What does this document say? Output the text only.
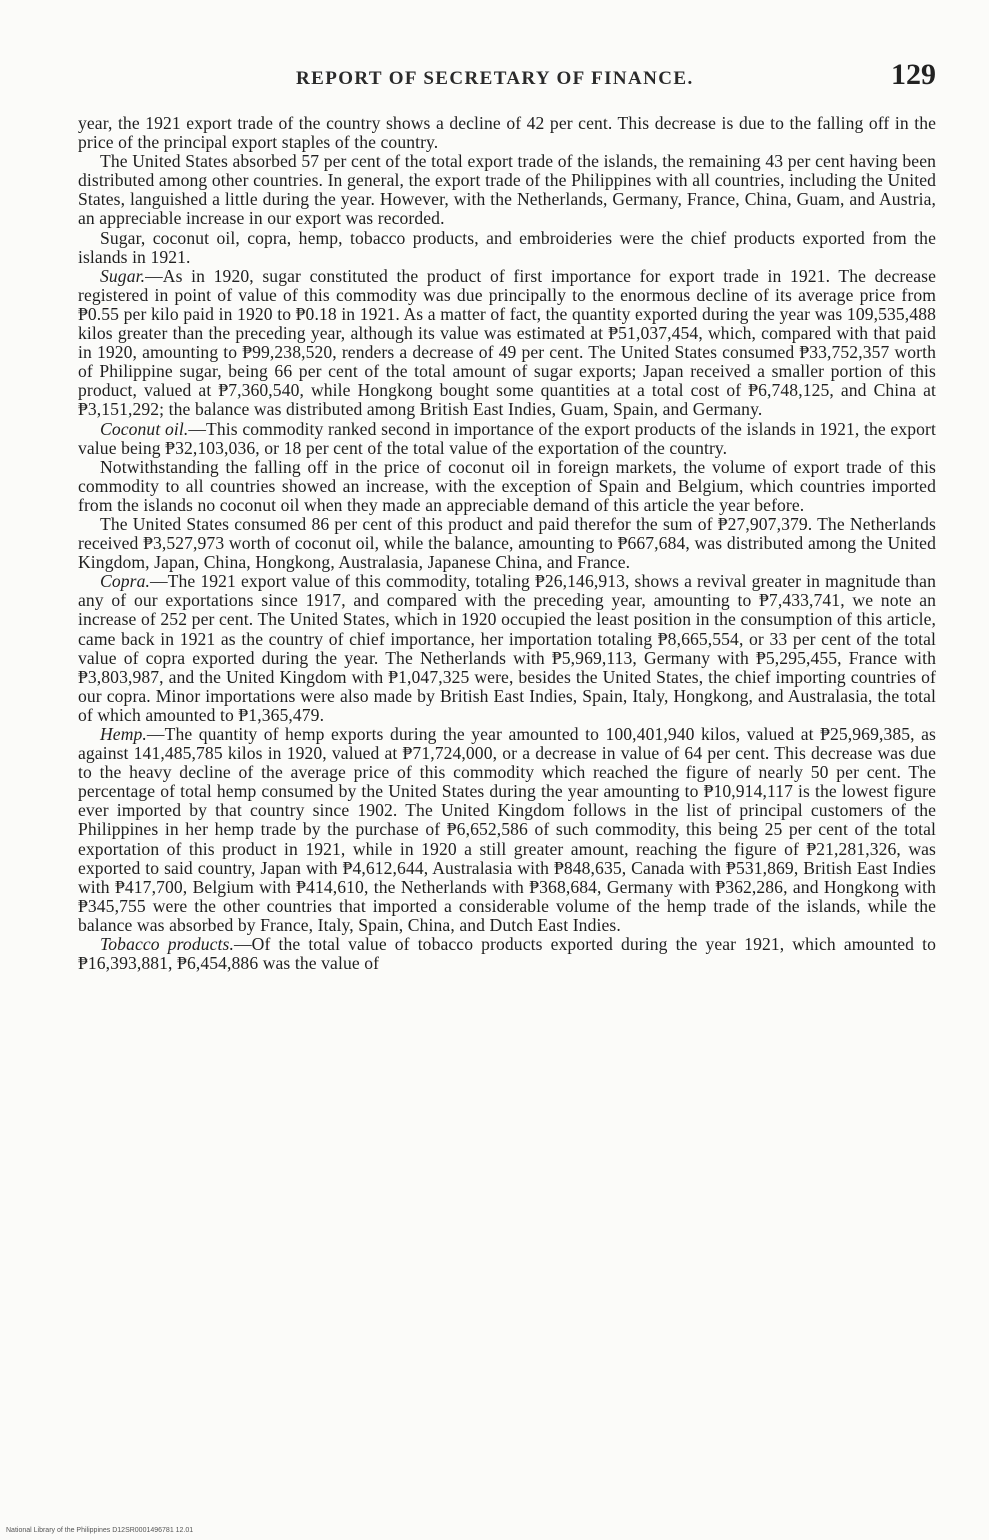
REPORT OF SECRETARY OF FINANCE.	129

year, the 1921 export trade of the country shows a decline of 42 per cent. This decrease is due to the falling off in the price of the principal export staples of the country.

The United States absorbed 57 per cent of the total export trade of the islands, the remaining 43 per cent having been distributed among other countries. In general, the export trade of the Philippines with all countries, including the United States, languished a little during the year. However, with the Netherlands, Germany, France, China, Guam, and Austria, an appreciable increase in our export was recorded.

Sugar, coconut oil, copra, hemp, tobacco products, and embroideries were the chief products exported from the islands in 1921.

Sugar.—As in 1920, sugar constituted the product of first importance for export trade in 1921. The decrease registered in point of value of this commodity was due principally to the enormous decline of its average price from ₱0.55 per kilo paid in 1920 to ₱0.18 in 1921. As a matter of fact, the quantity exported during the year was 109,535,488 kilos greater than the preceding year, although its value was estimated at ₱51,037,454, which, compared with that paid in 1920, amounting to ₱99,238,520, renders a decrease of 49 per cent. The United States consumed ₱33,752,357 worth of Philippine sugar, being 66 per cent of the total amount of sugar exports; Japan received a smaller portion of this product, valued at ₱7,360,540, while Hongkong bought some quantities at a total cost of ₱6,748,125, and China at ₱3,151,292; the balance was distributed among British East Indies, Guam, Spain, and Germany.

Coconut oil.—This commodity ranked second in importance of the export products of the islands in 1921, the export value being ₱32,103,036, or 18 per cent of the total value of the exportation of the country.

Notwithstanding the falling off in the price of coconut oil in foreign markets, the volume of export trade of this commodity to all countries showed an increase, with the exception of Spain and Belgium, which countries imported from the islands no coconut oil when they made an appreciable demand of this article the year before.

The United States consumed 86 per cent of this product and paid therefor the sum of ₱27,907,379. The Netherlands received ₱3,527,973 worth of coconut oil, while the balance, amounting to ₱667,684, was distributed among the United Kingdom, Japan, China, Hongkong, Australasia, Japanese China, and France.

Copra.—The 1921 export value of this commodity, totaling ₱26,146,913, shows a revival greater in magnitude than any of our exportations since 1917, and compared with the preceding year, amounting to ₱7,433,741, we note an increase of 252 per cent. The United States, which in 1920 occupied the least position in the consumption of this article, came back in 1921 as the country of chief importance, her importation totaling ₱8,665,554, or 33 per cent of the total value of copra exported during the year. The Netherlands with ₱5,969,113, Germany with ₱5,295,455, France with ₱3,803,987, and the United Kingdom with ₱1,047,325 were, besides the United States, the chief importing countries of our copra. Minor importations were also made by British East Indies, Spain, Italy, Hongkong, and Australasia, the total of which amounted to ₱1,365,479.

Hemp.—The quantity of hemp exports during the year amounted to 100,401,940 kilos, valued at ₱25,969,385, as against 141,485,785 kilos in 1920, valued at ₱71,724,000, or a decrease in value of 64 per cent. This decrease was due to the heavy decline of the average price of this commodity which reached the figure of nearly 50 per cent. The percentage of total hemp consumed by the United States during the year amounting to ₱10,914,117 is the lowest figure ever imported by that country since 1902. The United Kingdom follows in the list of principal customers of the Philippines in her hemp trade by the purchase of ₱6,652,586 of such commodity, this being 25 per cent of the total exportation of this product in 1921, while in 1920 a still greater amount, reaching the figure of ₱21,281,326, was exported to said country, Japan with ₱4,612,644, Australasia with ₱848,635, Canada with ₱531,869, British East Indies with ₱417,700, Belgium with ₱414,610, the Netherlands with ₱368,684, Germany with ₱362,286, and Hongkong with ₱345,755 were the other countries that imported a considerable volume of the hemp trade of the islands, while the balance was absorbed by France, Italy, Spain, China, and Dutch East Indies.

Tobacco products.—Of the total value of tobacco products exported during the year 1921, which amounted to ₱16,393,881, ₱6,454,886 was the value of

National Library of the Philippines D12SR0001496781 12.01
